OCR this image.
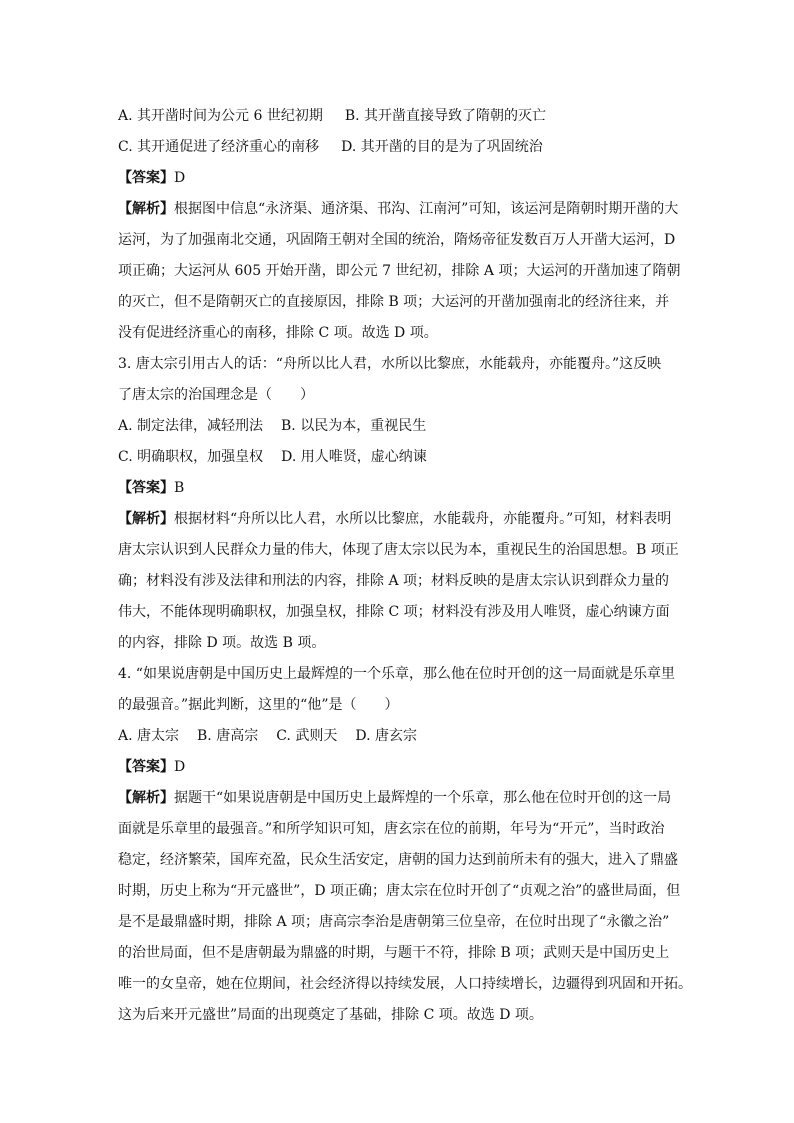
A. 其开凿时间为公元 6 世纪初期 B. 其开凿直接导致了隋朝的灭亡
C. 其开通促进了经济重心的南移 D. 其开凿的目的是为了巩固统治
【答案】D
【解析】根据图中信息“永济渠、通济渠、邗沟、江南河”可知，该运河是隋朝时期开凿的大
运河，为了加强南北交通，巩固隋王朝对全国的统治，隋炀帝征发数百万人开凿大运河，D
项正确；大运河从 605 开始开凿，即公元 7 世纪初，排除 A 项；大运河的开凿加速了隋朝
的灭亡，但不是隋朝灭亡的直接原因，排除 B 项；大运河的开凿加强南北的经济往来，并
没有促进经济重心的南移，排除 C 项。故选 D 项。
3. 唐太宗引用古人的话：“舟所以比人君，水所以比黎庶，水能载舟，亦能覆舟。”这反映
了唐太宗的治国理念是（　　）
A. 制定法律，减轻刑法 B. 以民为本，重视民生
C. 明确职权，加强皇权 D. 用人唯贤，虚心纳谏
【答案】B
【解析】根据材料“舟所以比人君，水所以比黎庶，水能载舟，亦能覆舟。”可知，材料表明
唐太宗认识到人民群众力量的伟大，体现了唐太宗以民为本，重视民生的治国思想。B 项正
确；材料没有涉及法律和刑法的内容，排除 A 项；材料反映的是唐太宗认识到群众力量的
伟大，不能体现明确职权，加强皇权，排除 C 项；材料没有涉及用人唯贤，虚心纳谏方面
的内容，排除 D 项。故选 B 项。
4. “如果说唐朝是中国历史上最辉煌的一个乐章，那么他在位时开创的这一局面就是乐章里
的最强音。”据此判断，这里的“他”是（　　）
A. 唐太宗 B. 唐高宗 C. 武则天 D. 唐玄宗
【答案】D
【解析】据题干“如果说唐朝是中国历史上最辉煌的一个乐章，那么他在位时开创的这一局
面就是乐章里的最强音。”和所学知识可知，唐玄宗在位的前期，年号为“开元”，当时政治
稳定，经济繁荣，国库充盈，民众生活安定，唐朝的国力达到前所未有的强大，进入了鼎盛
时期，历史上称为“开元盛世”，D 项正确；唐太宗在位时开创了“贞观之治”的盛世局面，但
是不是最鼎盛时期，排除 A 项；唐高宗李治是唐朝第三位皇帝，在位时出现了“永徽之治”
的治世局面，但不是唐朝最为鼎盛的时期，与题干不符，排除 B 项；武则天是中国历史上
唯一的女皇帝，她在位期间，社会经济得以持续发展，人口持续增长，边疆得到巩固和开拓。
这为后来开元盛世”局面的出现奠定了基础，排除 C 项。故选 D 项。
